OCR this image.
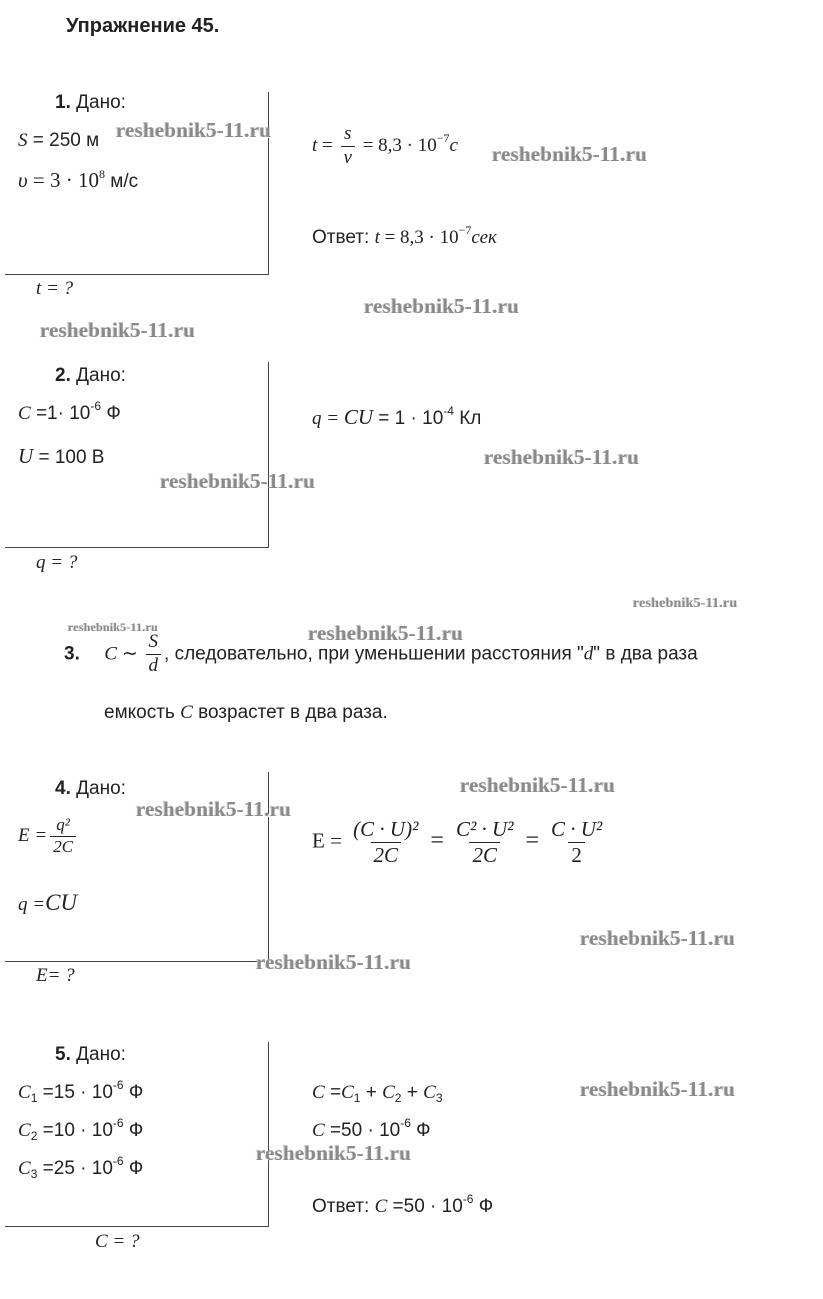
Упражнение 45.
1. Дано:
S = 250 м
$\upsilon = 3 \cdot 10^8$ м/с
t = ?
$t = \frac{s}{v} = 8,3 \cdot 10^{-7}с$
Ответ: $t = 8,3 \cdot 10^{-7}сек$
2. Дано:
$C =1\cdot 10^{-6}$ Ф
U = 100 В
q = ?
q = CU = $1 \cdot 10^{-4}$ Кл
3. C ∼ $\frac{S}{d}$ , следовательно, при уменьшении расстояния "d" в два раза
емкость C возрастет в два раза.
4. Дано:
$E = \frac{\text{q²}}{2C}$
q =CU
E= ?
$E = \frac{\text{(C · U)²}}{2C} = \frac{\text{C² · U²}}{2C} = \frac{\text{C · U²}}{2}$
5. Дано:
$C_1 =15 \cdot 10^{-6}$ Ф
$C_2 =10 \cdot 10^{-6}$ Ф
$C_3 =25 \cdot 10^{-6}$ Ф
C = ?
$C =C_1 + C_2 + C_3$
$C =50 \cdot 10^{-6}$ Ф
Ответ: $C =50 \cdot 10^{-6}$ Ф
reshebnik5-11.ru
reshebnik5-11.ru
reshebnik5-11.ru
reshebnik5-11.ru
reshebnik5-11.ru
reshebnik5-11.ru
reshebnik5-11.ru
reshebnik5-11.ru	reshebnik5-11.ru
reshebnik5-11.ru
reshebnik5-11.ru
reshebnik5-11.ru
reshebnik5-11.ru
reshebnik5-11.ru
reshebnik5-11.ru
